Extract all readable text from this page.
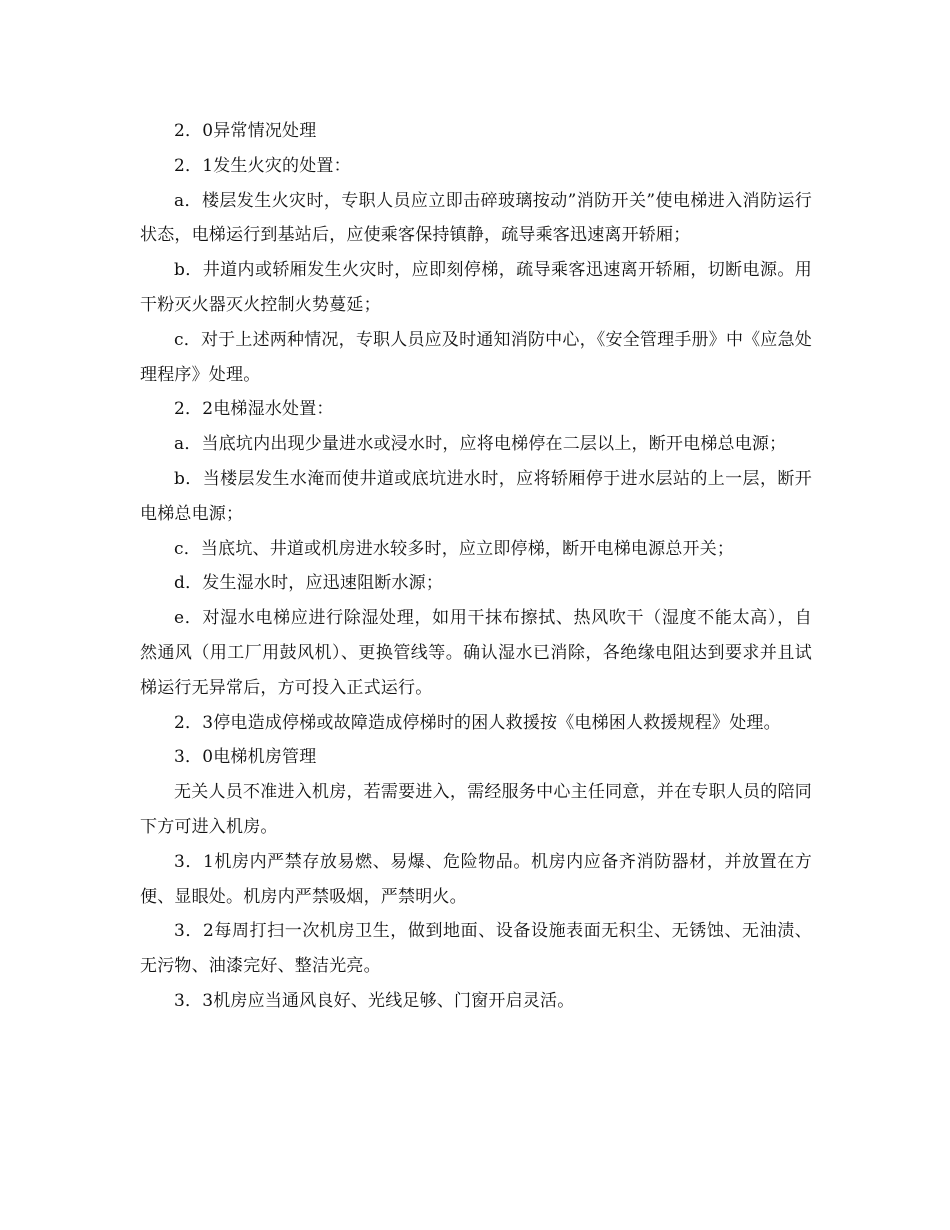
2．0异常情况处理

2．1发生火灾的处置：

a．楼层发生火灾时，专职人员应立即击碎玻璃按动”消防开关”使电梯进入消防运行状态，电梯运行到基站后，应使乘客保持镇静，疏导乘客迅速离开轿厢；

b．井道内或轿厢发生火灾时，应即刻停梯，疏导乘客迅速离开轿厢，切断电源。用干粉灭火器灭火控制火势蔓延；

c．对于上述两种情况，专职人员应及时通知消防中心，《安全管理手册》中《应急处理程序》处理。

2．2电梯湿水处置：

a．当底坑内出现少量进水或浸水时，应将电梯停在二层以上，断开电梯总电源；

b．当楼层发生水淹而使井道或底坑进水时，应将轿厢停于进水层站的上一层，断开电梯总电源；

c．当底坑、井道或机房进水较多时，应立即停梯，断开电梯电源总开关；

d．发生湿水时，应迅速阻断水源；

e．对湿水电梯应进行除湿处理，如用干抹布擦拭、热风吹干（湿度不能太高），自然通风（用工厂用鼓风机）、更换管线等。确认湿水已消除，各绝缘电阻达到要求并且试梯运行无异常后，方可投入正式运行。

2．3停电造成停梯或故障造成停梯时的困人救援按《电梯困人救援规程》处理。

3．0电梯机房管理

无关人员不准进入机房，若需要进入，需经服务中心主任同意，并在专职人员的陪同下方可进入机房。

3．1机房内严禁存放易燃、易爆、危险物品。机房内应备齐消防器材，并放置在方便、显眼处。机房内严禁吸烟，严禁明火。

3．2每周打扫一次机房卫生，做到地面、设备设施表面无积尘、无锈蚀、无油渍、无污物、油漆完好、整洁光亮。

3．3机房应当通风良好、光线足够、门窗开启灵活。
